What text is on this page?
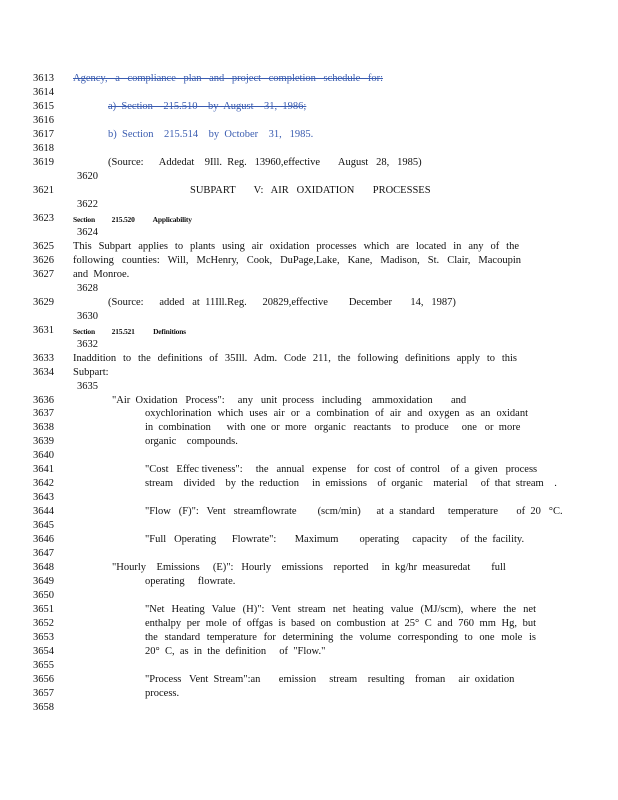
3613
3614
3615
3616
3617
3618
3619
3621
3623
3625
3626
3627
3629
3631
3633
3634
3636
3637
3638
3639
3640
3641
3642
3643
3644
3645
3646
3647
3648
3649
3650
3651
3652
3653
3654
3655
3656
3657
3658
Agency, a compliance plan and project completion schedule for:
a)  Section    215.510    by  August    31,  1986;
b)  Section    215.514    by  October    31,   1985.
(Source:      Addedat    9Ill.  Reg.   13960,effective       August   28,   1985)
3620
SUBPART       V:   AIR   OXIDATION       PROCESSES
3622
Section          215.520           Applicability
3624
This Subpart applies to plants using air oxidation processes which are located in any of the
following counties: Will, McHenry, Cook, DuPage,Lake, Kane, Madison, St. Clair, Macoupin
and  Monroe.
3628
(Source:      added   at  11Ill.Reg.      20829,effective        December       14,   1987)
3630
Section          215.521           Definitions
3632
Inaddition to the definitions of 35Ill. Adm. Code 211, the following definitions apply to this
Subpart:
3635
"Air  Oxidation   Process":     any   unit  process   including    ammoxidation       and
oxychlorination which uses air or a combination of air and oxygen as an oxidant
in  combination      with  one  or  more   organic   reactants    to  produce     one   or  more
organic    compounds.
"Cost   Effec tiveness":     the   annual   expense    for  cost  of  control    of  a  given   process
stream    divided    by  the  reduction     in  emissions    of  organic    material     of  that  stream    .
"Flow   (F)":   Vent   streamflowrate        (scm/min)      at  a  standard     temperature       of  20   °C.
"Full   Operating      Flowrate":       Maximum        operating     capacity     of  the  facility.
"Hourly    Emissions     (E)":   Hourly    emissions    reported     in  kg/hr  measuredat        full
operating     flowrate.
"Net Heating Value (H)": Vent stream net heating value (MJ/scm), where the net
enthalpy per mole of offgas is based on combustion at 25° C and 760 mm Hg, but
the standard temperature for determining the volume corresponding to one mole is
20°  C,  as  in  the  definition     of  "Flow."
"Process   Vent  Stream":an       emission     stream    resulting    froman     air  oxidation
process.
